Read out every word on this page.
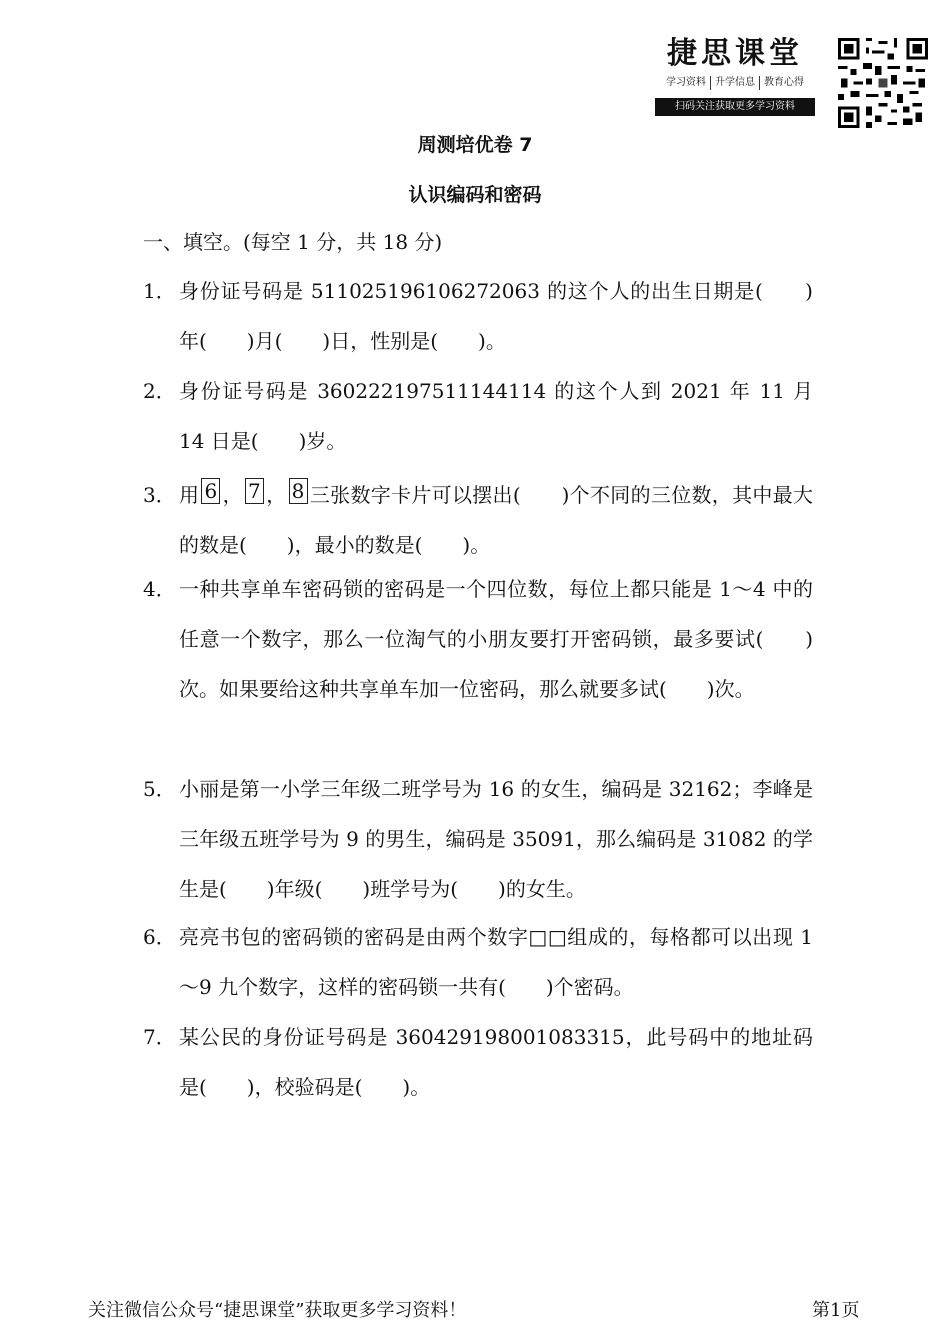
捷思课堂
学习资料 升学信息 教育心得
扫码关注获取更多学习资料
周测培优卷 7
认识编码和密码
一、填空。(每空 1 分，共 18 分)
1． 身份证号码是 511025196106272063 的这个人的出生日期是(　　)年(　　)月(　　)日，性别是(　　)。
2． 身份证号码是 360222197511144114 的这个人到 2021 年 11 月 14 日是(　　)岁。
3． 用 6 ， 7 ， 8 三张数字卡片可以摆出(　　)个不同的三位数，其中最大的数是(　　)，最小的数是(　　)。
4． 一种共享单车密码锁的密码是一个四位数，每位上都只能是 1～4 中的任意一个数字，那么一位淘气的小朋友要打开密码锁，最多要试(　　)次。如果要给这种共享单车加一位密码，那么就要多试(　　)次。
5． 小丽是第一小学三年级二班学号为 16 的女生，编码是 32162；李峰是三年级五班学号为 9 的男生，编码是 35091，那么编码是 31082 的学生是(　　)年级(　　)班学号为(　　)的女生。
6． 亮亮书包的密码锁的密码是由两个数字□□组成的，每格都可以出现 1～9 九个数字，这样的密码锁一共有(　　)个密码。
7． 某公民的身份证号码是 360429198001083315，此号码中的地址码是(　　)，校验码是(　　)。
关注微信公众号“捷思课堂”获取更多学习资料！	第1页
